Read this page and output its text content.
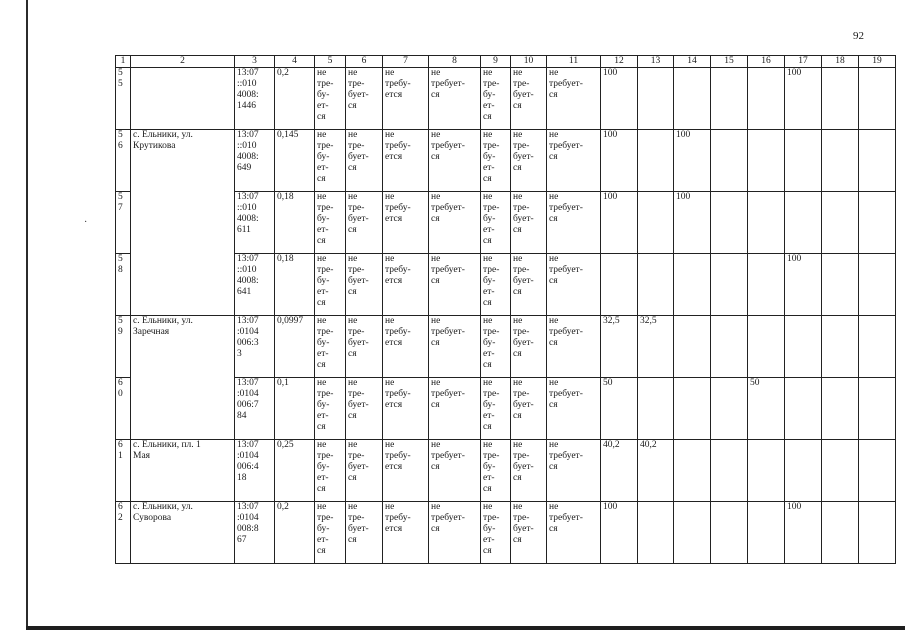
92
·
1	2	3	4	5	6	7	8	9	10	11	12	13	14	15	16	17	18	19

5
5		13:07
::010
4008:
1446	0,2	не
тре-
бу-
ет-
ся	не
тре-
бует-
ся	не
требу-
ется	не
требует-
ся	не
тре-
бу-
ет-
ся	не
тре-
бует-
ся	не
требует-
ся	100					100		

5
6	с. Ельники, ул.
Крутикова	13:07
::010
4008:
649	0,145	не
тре-
бу-
ет-
ся	не
тре-
бует-
ся	не
требу-
ется	не
требует-
ся	не
тре-
бу-
ет-
ся	не
тре-
бует-
ся	не
требует-
ся	100		100					

5
7		13:07
::010
4008:
611	0,18	не
тре-
бу-
ет-
ся	не
тре-
бует-
ся	не
требу-
ется	не
требует-
ся	не
тре-
бу-
ет-
ся	не
тре-
бует-
ся	не
требует-
ся	100		100					

5
8		13:07
::010
4008:
641	0,18	не
тре-
бу-
ет-
ся	не
тре-
бует-
ся	не
требу-
ется	не
требует-
ся	не
тре-
бу-
ет-
ся	не
тре-
бует-
ся	не
требует-
ся						100		

5
9	с. Ельники, ул.
Заречная	13:07
:0104
006:3
3	0,0997	не
тре-
бу-
ет-
ся	не
тре-
бует-
ся	не
требу-
ется	не
требует-
ся	не
тре-
бу-
ет-
ся	не
тре-
бует-
ся	не
требует-
ся	32,5	32,5						

6
0		13:07
:0104
006:7
84	0,1	не
тре-
бу-
ет-
ся	не
тре-
бует-
ся	не
требу-
ется	не
требует-
ся	не
тре-
бу-
ет-
ся	не
тре-
бует-
ся	не
требует-
ся	50				50			

6
1	с. Ельники, пл. 1
Мая	13:07
:0104
006:4
18	0,25	не
тре-
бу-
ет-
ся	не
тре-
бует-
ся	не
требу-
ется	не
требует-
ся	не
тре-
бу-
ет-
ся	не
тре-
бует-
ся	не
требует-
ся	40,2	40,2						

6
2	с. Ельники, ул.
Суворова	13:07
:0104
008:8
67	0,2	не
тре-
бу-
ет-
ся	не
тре-
бует-
ся	не
требу-
ется	не
требует-
ся	не
тре-
бу-
ет-
ся	не
тре-
бует-
ся	не
требует-
ся	100					100		
